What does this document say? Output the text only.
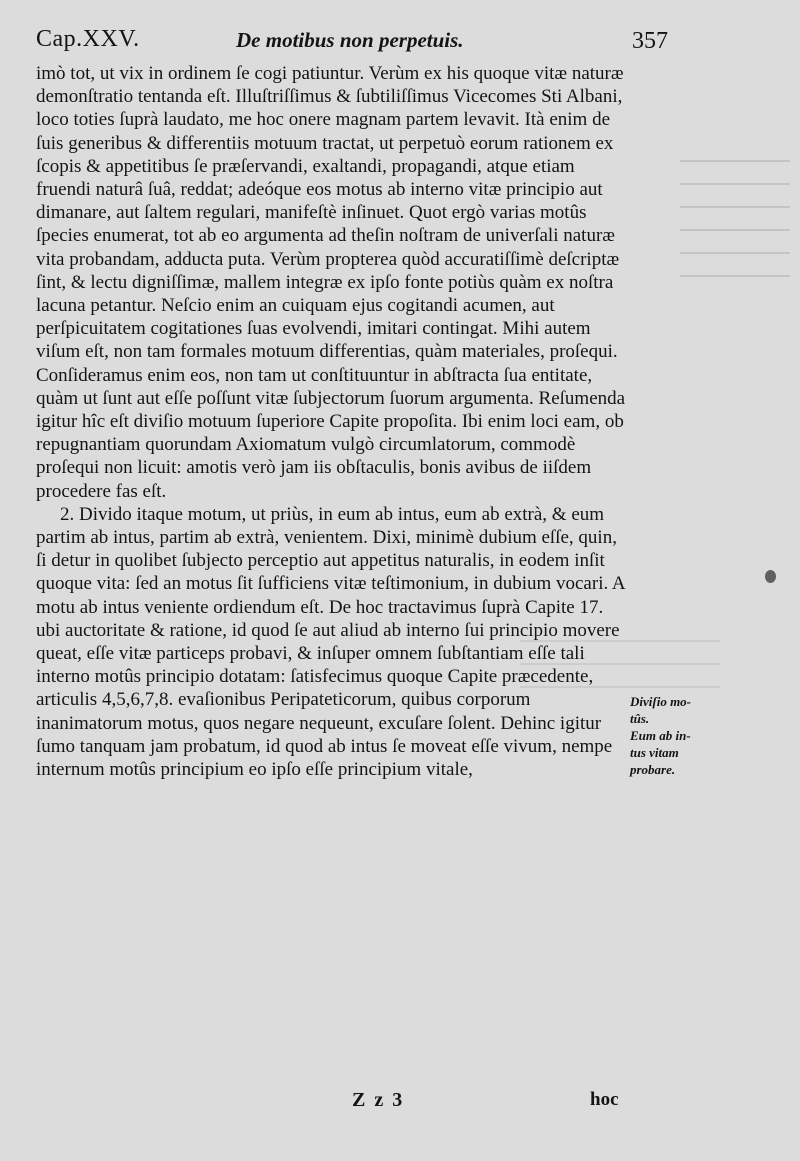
Cap.XXV.	De motibus non perpetuis.	357

imò tot, ut vix in ordinem ſe cogi patiuntur. Verùm ex his quoque vitæ naturæ demonſtratio tentanda eſt. Illuſtriſſimus & ſubtiliſſimus Vicecomes Sti Albani, loco toties ſuprà laudato, me hoc onere magnam partem levavit. Ità enim de ſuis generibus & differentiis motuum tractat, ut perpetuò eorum rationem ex ſcopis & appetitibus ſe præſervandi, exaltandi, propagandi, atque etiam fruendi naturâ ſuâ, reddat; adeóque eos motus ab interno vitæ principio aut dimanare, aut ſaltem regulari, manifeſtè inſinuet. Quot ergò varias motûs ſpecies enumerat, tot ab eo argumenta ad theſin noſtram de univerſali naturæ vita probandam, adducta puta. Verùm propterea quòd accuratiſſimè deſcriptæ ſint, & lectu digniſſimæ, mallem integræ ex ipſo fonte potiùs quàm ex noſtra lacuna petantur. Neſcio enim an cuiquam ejus cogitandi acumen, aut perſpicuitatem cogitationes ſuas evolvendi, imitari contingat. Mihi autem viſum eſt, non tam formales motuum differentias, quàm materiales, proſequi. Conſideramus enim eos, non tam ut conſtituuntur in abſtracta ſua entitate, quàm ut ſunt aut eſſe poſſunt vitæ ſubjectorum ſuorum argumenta. Reſumenda igitur hîc eſt diviſio motuum ſuperiore Capite propoſita. Ibi enim loci eam, ob repugnantiam quorundam Axiomatum vulgò circumlatorum, commodè proſequi non licuit: amotis verò jam iis obſtaculis, bonis avibus de iiſdem procedere fas eſt.

2. Divido itaque motum, ut priùs, in eum ab intus, eum ab extrà, & eum partim ab intus, partim ab extrà, venientem. Dixi, minimè dubium eſſe, quin, ſi detur in quolibet ſubjecto perceptio aut appetitus naturalis, in eodem inſit quoque vita: ſed an motus ſit ſufficiens vitæ teſtimonium, in dubium vocari. A motu ab intus veniente ordiendum eſt. De hoc tractavimus ſuprà Capite 17. ubi auctoritate & ratione, id quod ſe aut aliud ab interno ſui principio movere queat, eſſe vitæ particeps probavi, & inſuper omnem ſubſtantiam eſſe tali interno motûs principio dotatam: ſatisfecimus quoque Capite præcedente, articulis 4,5,6,7,8. evaſionibus Peripateticorum, quibus corporum inanimatorum motus, quos negare nequeunt, excuſare ſolent. Dehinc igitur ſumo tanquam jam probatum, id quod ab intus ſe moveat eſſe vivum, nempe internum motûs principium eo ipſo eſſe principium vitale,

Diviſio mo-
tûs.
Eum ab in-
tus vitam
probare.
Z z 3	hoc
